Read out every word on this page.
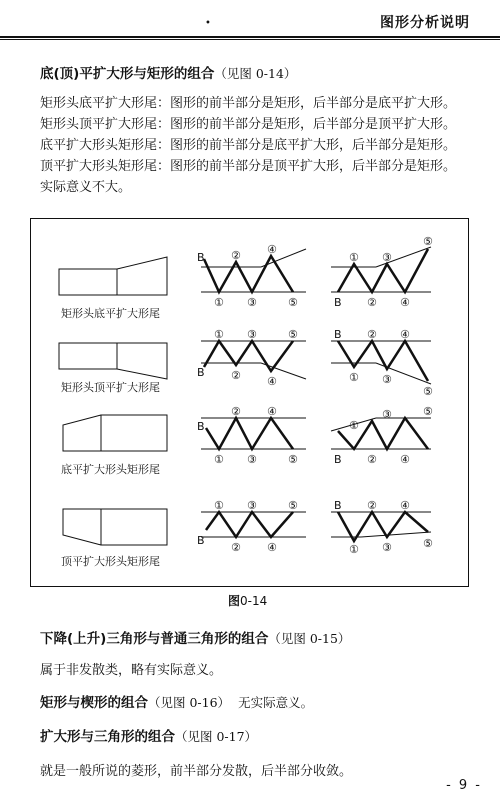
•	图形分析说明
底(顶)平扩大形与矩形的组合（见图 0-14）
矩形头底平扩大形尾：图形的前半部分是矩形，后半部分是底平扩大形。
矩形头顶平扩大形尾：图形的前半部分是矩形，后半部分是顶平扩大形。
底平扩大形头矩形尾：图形的前半部分是底平扩大形，后半部分是矩形。
顶平扩大形头矩形尾：图形的前半部分是顶平扩大形，后半部分是矩形。
实际意义不大。
B
①
②
③
④
⑤	B
①
②
③
④
⑤
B
①
②
③
④
⑤	B
①
②
③
④
⑤
B
①
②
③
④
⑤	B
①
②
③
④
⑤
B
①
②
③
④
⑤	B
①
②
③
④
⑤
矩形头底平扩大形尾
矩形头顶平扩大形尾
底平扩大形头矩形尾
顶平扩大形头矩形尾
图0-14
下降(上升)三角形与普通三角形的组合（见图 0-15）
属于非发散类，略有实际意义。
矩形与楔形的组合（见图 0-16） 无实际意义。
扩大形与三角形的组合（见图 0-17）
就是一般所说的菱形，前半部分发散，后半部分收敛。
- 9 -
